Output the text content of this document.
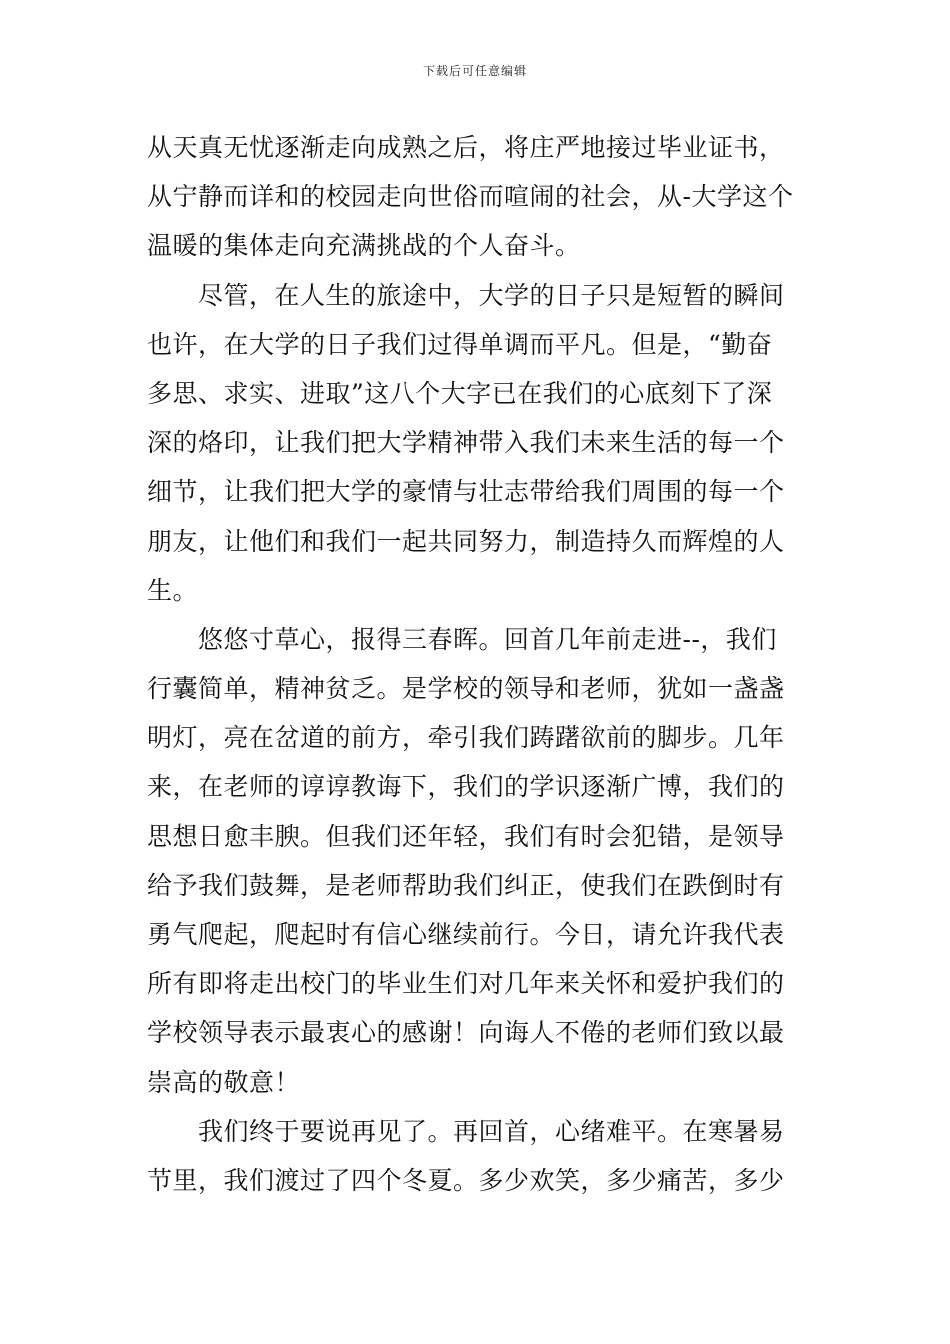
下载后可任意编辑
从天真无忧逐渐走向成熟之后，将庄严地接过毕业证书，
从宁静而详和的校园走向世俗而喧闹的社会，从-大学这个
温暖的集体走向充满挑战的个人奋斗。
　　尽管，在人生的旅途中，大学的日子只是短暂的瞬间
也许，在大学的日子我们过得单调而平凡。但是，“勤奋
多思、求实、进取”这八个大字已在我们的心底刻下了深
深的烙印，让我们把大学精神带入我们未来生活的每一个
细节，让我们把大学的豪情与壮志带给我们周围的每一个
朋友，让他们和我们一起共同努力，制造持久而辉煌的人
生。
　　悠悠寸草心，报得三春晖。回首几年前走进--，我们
行囊简单，精神贫乏。是学校的领导和老师，犹如一盏盏
明灯，亮在岔道的前方，牵引我们踌躇欲前的脚步。几年
来，在老师的谆谆教诲下，我们的学识逐渐广博，我们的
思想日愈丰腴。但我们还年轻，我们有时会犯错，是领导
给予我们鼓舞，是老师帮助我们纠正，使我们在跌倒时有
勇气爬起，爬起时有信心继续前行。今日，请允许我代表
所有即将走出校门的毕业生们对几年来关怀和爱护我们的
学校领导表示最衷心的感谢！向诲人不倦的老师们致以最
崇高的敬意！
　　我们终于要说再见了。再回首，心绪难平。在寒暑易
节里，我们渡过了四个冬夏。多少欢笑，多少痛苦，多少
